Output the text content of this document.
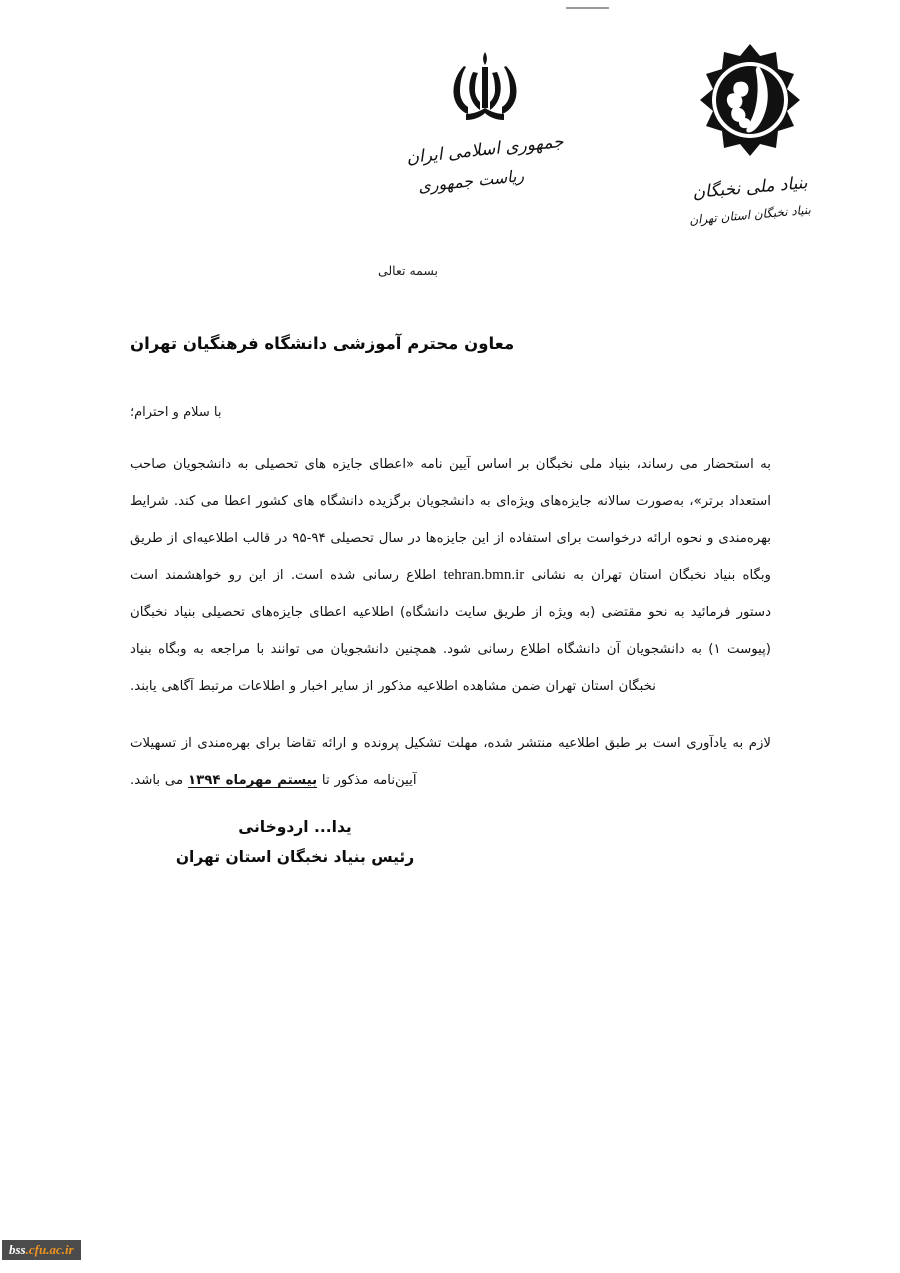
بنیاد ملی نخبگان
بنیاد نخبگان استان تهران
جمهوری اسلامی ایران
ریاست جمهوری
بسمه تعالی
معاون محترم آموزشی دانشگاه فرهنگیان تهران
با سلام و احترام؛

به استحضار می رساند، بنیاد ملی نخبگان بر اساس آیین نامه «اعطای جایزه های تحصیلی به دانشجویان صاحب استعداد برتر»، به‌صورت سالانه جایزه‌های ویژه‌ای به دانشجویان برگزیده دانشگاه های کشور اعطا می کند. شرایط بهره‌مندی و نحوه ارائه درخواست برای استفاده از این جایزه‌ها در سال تحصیلی ۹۴-۹۵ در قالب اطلاعیه‌ای از طریق وبگاه بنیاد نخبگان استان تهران به نشانی tehran.bmn.ir اطلاع رسانی شده است. از این رو خواهشمند است دستور فرمائید به نحو مقتضی (به ویژه از طریق سایت دانشگاه) اطلاعیه اعطای جایزه‌های تحصیلی بنیاد نخبگان (پیوست ۱) به دانشجویان آن دانشگاه اطلاع رسانی شود. همچنین دانشجویان می توانند با مراجعه به وبگاه بنیاد نخبگان استان تهران ضمن مشاهده اطلاعیه مذکور از سایر اخبار و اطلاعات مرتبط آگاهی یابند.

لازم به یادآوری است بر طبق اطلاعیه منتشر شده، مهلت تشکیل پرونده و ارائه تقاضا برای بهره‌مندی از تسهیلات آیین‌نامه مذکور تا بیستم مهرماه ۱۳۹۴ می باشد.

یدا... اردوخانی
رئیس بنیاد نخبگان استان تهران
bss.cfu.ac.ir
